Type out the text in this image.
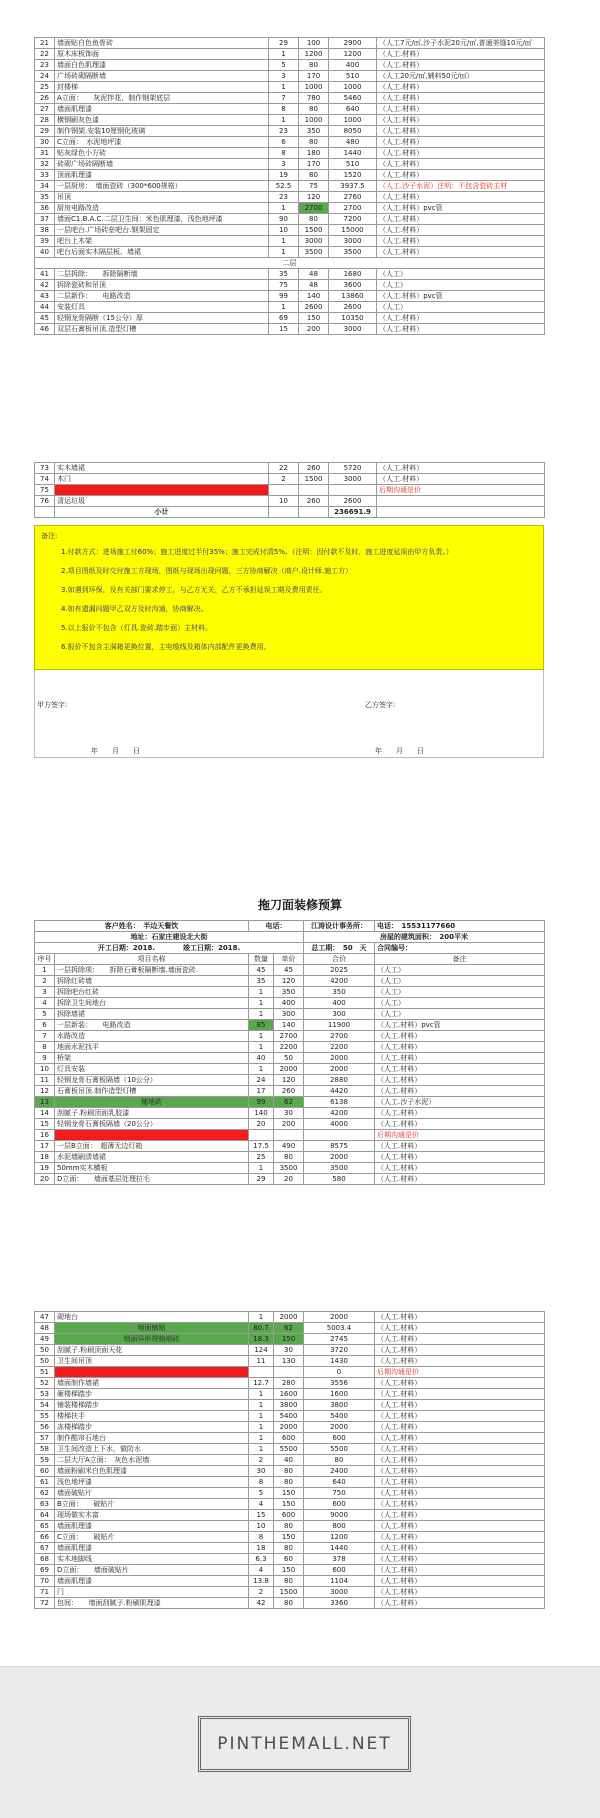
21	墙面贴白色鱼骨砖	29	100	2900	（人工7元/㎡,沙子水泥20元/㎡,普通美缝10元/㎡
22	原木床板饰面	1	1200	1200	（人工.材料）
23	墙面白色肌理漆	5	80	400	（人工.材料）
24	广场砖砌隔断墙	3	170	510	（人工20元/㎡,辅料50元/㎡）
25	封楼梯	1	1000	1000	（人工.材料）
26	A立面：　　灰泥拌花，制作钢架底层	7	780	5460	（人工.材料）
27	墙面肌理漆	8	80	640	（人工.材料）
28	横钢刷灰色漆	1	1000	1000	（人工.材料）
29	制作钢架.安装10厘钢化玻璃	23	350	8050	（人工.材料）
30	C立面：　水泥地坪漆	6	80	480	（人工.材料）
31	贴灰绿色小方砖	8	180	1440	（人工.材料）
32	砖砌广场砖隔断墙	3	170	510	（人工.材料）
33	顶面肌理漆	19	80	1520	（人工.材料）
34	一层厨房：　墙面瓷砖（300*600规格）	52.5	75	3937.5	（人工.沙子水泥）注明：不包含瓷砖主材
35	吊顶	23	120	2760	（人工.材料）
36	厨房电路改造	1	2700	2700	（人工.材料）pvc管
37	墙面C1.B.A.C.二层卫生间：米色肌理漆，浅色地坪漆	90	80	7200	（人工.材料）
38	一层吧台.广场砖垒吧台.钢架固定	10	1500	15000	（人工.材料）
39	吧台上木架	1	3000	3000	（人工.材料）
40	吧台后面实木隔层板、墙裙	1	3500	3500	（人工.材料）
二层					
41	二层拆除：　　拆除隔断墙	35	48	1680	（人工）
42	拆除瓷砖和吊顶	75	48	3600	（人工）
43	二层新作：　　电路改造	99	140	13860	（人工.材料）pvc管
44	安装灯具	1	2600	2600	（人工）
45	轻钢龙骨隔断（15公分）厚	69	150	10350	（人工.材料）
46	双层石膏板吊顶.造型灯槽	15	200	3000	（人工.材料）
73	实木墙裙	22	260	5720	（人工.材料）
74	木门	2	1500	3000	（人工.材料）
75	后期需要其他变更后期沟通是否				后期沟通是价
76	清运垃圾	10	260	2600	
	小计			236691.9	
备注:
1.付款方式：进场施工付60%；施工进度过半付35%；施工完成付清5%。（注明：因付款不及时，施工进度延误由甲方负责。）
2.项目图纸及时交付施工方现场，图纸与现场出现问题，三方协商解决（商户.设计师.施工方）
3.如遇到环保，及有关部门要求停工，与乙方无关，乙方不承担延误工期及费用责任。
4.如有遗漏问题甲乙双方及时沟通，协商解决。
5.以上报价不包含（灯具.瓷砖.踏步面）主材料。
6.报价不包含主洞箱更换位置，主电缆线及箱体内部配件更换费用。
甲方签字:	乙方签字:
年　　月　　日	年　　月　　日
拖刀面装修预算
客户姓名：　半边天餐饮		电话：		江涛设计事务所：	电话：　15531177660
地址：石家庄建设北大街				房屋的建筑面积：　200平米	
开工日期：2018.　　　　竣工日期：2018.				总工期：　50　天	合同编号：
序号	项目名称	数量	单价	合价	备注
1	一层拆除项：　　拆除石膏板隔断墙.墙面瓷砖.	45	45	2025	（人工）
2	拆除红砖墙	35	120	4200	（人工）
3	拆除吧台红砖	1	350	350	（人工）
4	拆除卫生间地台	1	400	400	（人工）
5	拆除墙裙	1	300	300	（人工）
6	一层新装：　　电路改造	85	140	11900	（人工.材料）pvc管
7	水路改造	1	2700	2700	（人工.材料）
8	地面水泥找平	1	2200	2200	（人工.材料）
9	桥架	40	50	2000	（人工.材料）
10	灯具安装	1	2000	2000	（人工.材料）
11	轻钢龙骨石膏板隔墙（10公分）	24	120	2880	（人工.材料）
12	石膏板吊顶.制作造型灯槽	17	260	4420	（人工.材料）
13	铺地砖	99	62	6138	（人工.沙子水泥）
14	刮腻子.粉刷顶面乳胶漆	140	30	4200	（人工.材料）
15	轻钢龙骨石膏板隔墙（20公分）	20	200	4000	（人工.材料）
16	墙面拆除复原后拆				后期沟通是价
17	一层B立面：　超薄无边灯箱	17.5	490	8575	（人工.材料）
18	水泥墙刷渍墙裙	25	80	2000	（人工.材料）
19	50mm实木横板	1	3500	3500	（人工.材料）
20	D立面：　　墙面基层处理拉毛	29	20	580	（人工.材料）
47	砌地台	1	2000	2000	（人工.材料）
48	地面铺贴	80.7	62	5003.4	（人工.材料）
49	地面异形规格地砖	18.3	150	2745	（人工.材料）
50	刮腻子.粉刷顶面天花	124	30	3720	（人工.材料）
50	卫生间吊顶	11	130	1430	（人工.材料）
51	墙面做隔离贴墙			0	后期沟通是价
52	墙面制作墙裙	12.7	280	3556	（人工.材料）
53	砸楼梯踏步	1	1600	1600	（人工.材料）
54	铺装楼梯踏步	1	3800	3800	（人工.材料）
55	楼梯扶手	1	5400	5400	（人工.材料）
56	冻楼梯踏步	1	2000	2000	（人工.材料）
57	制作酷帘石地台	1	600	600	（人工.材料）
58	卫生间改造上下水，做防水	1	5500	5500	（人工.材料）
59	二层大厅A立面：　灰色水泥墙	2	40	80	（人工.材料）
60	墙面粉刷米白色肌理漆	30	80	2400	（人工.材料）
61	浅色地坪漆	8	80	640	（人工.材料）
62	墙面破贴片	5	150	750	（人工.材料）
63	B立面：　　破贴片	4	150	600	（人工.材料）
64	现场做实木富	15	600	9000	（人工.材料）
65	墙面肌理漆	10	80	800	（人工.材料）
66	C立面：　　破贴片	8	150	1200	（人工.材料）
67	墙面肌理漆	18	80	1440	（人工.材料）
68	实木地脚线	6.3	60	378	（人工.材料）
69	D立面：　　墙面破贴片	4	150	600	（人工.材料）
70	墙面肌理漆	13.8	80	1104	（人工.材料）
71	门	2	1500	3000	（人工.材料）
72	包间：　　墙面刮腻子.粉刷肌理漆	42	80	3360	（人工.材料）
PINTHEMALL.NET
